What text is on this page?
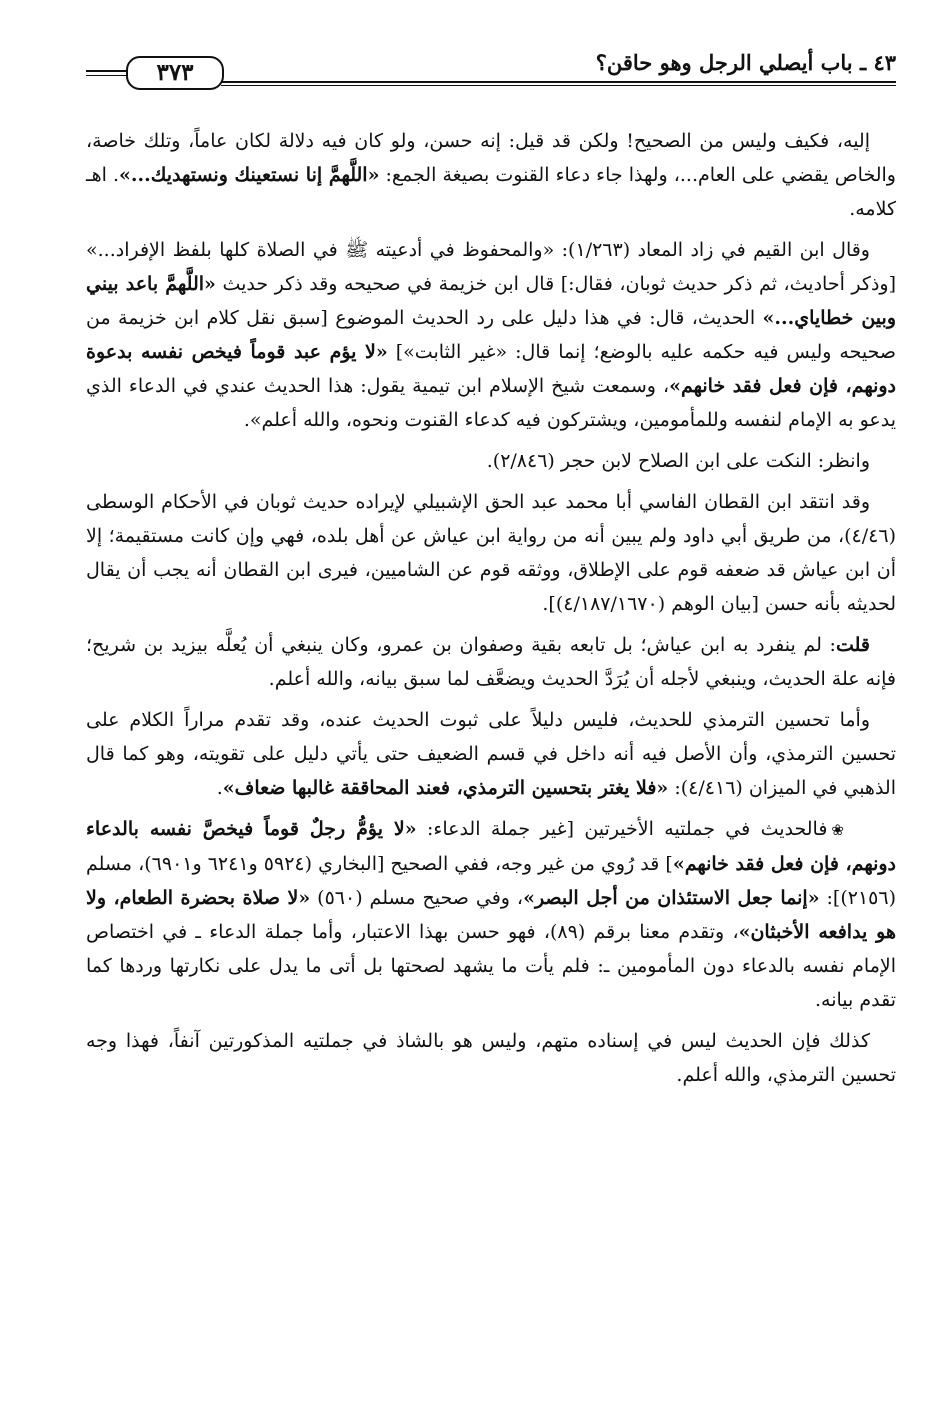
٤٣ ـ باب أيصلي الرجل وهو حاقن؟
٣٧٣

إليه، فكيف وليس من الصحيح! ولكن قد قيل: إنه حسن، ولو كان فيه دلالة لكان عاماً، وتلك خاصة، والخاص يقضي على العام...، ولهذا جاء دعاء القنوت بصيغة الجمع: «اللَّهمَّ إنا نستعينك ونستهديك...». اهـ كلامه.

وقال ابن القيم في زاد المعاد (١/٢٦٣): «والمحفوظ في أدعيته ﷺ في الصلاة كلها بلفظ الإفراد...» [وذكر أحاديث، ثم ذكر حديث ثوبان، فقال:] قال ابن خزيمة في صحيحه وقد ذكر حديث «اللَّهمَّ باعد بيني وبين خطاياي...» الحديث، قال: في هذا دليل على رد الحديث الموضوع [سبق نقل كلام ابن خزيمة من صحيحه وليس فيه حكمه عليه بالوضع؛ إنما قال: «غير الثابت»] «لا يؤم عبد قوماً فيخص نفسه بدعوة دونهم، فإن فعل فقد خانهم»، وسمعت شيخ الإسلام ابن تيمية يقول: هذا الحديث عندي في الدعاء الذي يدعو به الإمام لنفسه وللمأمومين، ويشتركون فيه كدعاء القنوت ونحوه، والله أعلم».

وانظر: النكت على ابن الصلاح لابن حجر (٢/٨٤٦).

وقد انتقد ابن القطان الفاسي أبا محمد عبد الحق الإشبيلي لإيراده حديث ثوبان في الأحكام الوسطى (٤/٤٦)، من طريق أبي داود ولم يبين أنه من رواية ابن عياش عن أهل بلده، فهي وإن كانت مستقيمة؛ إلا أن ابن عياش قد ضعفه قوم على الإطلاق، ووثقه قوم عن الشاميين، فيرى ابن القطان أنه يجب أن يقال لحديثه بأنه حسن [بيان الوهم (٤/١٨٧/١٦٧٠)].

قلت: لم ينفرد به ابن عياش؛ بل تابعه بقية وصفوان بن عمرو، وكان ينبغي أن يُعلَّه بيزيد بن شريح؛ فإنه علة الحديث، وينبغي لأجله أن يُرَدَّ الحديث ويضعَّف لما سبق بيانه، والله أعلم.

وأما تحسين الترمذي للحديث، فليس دليلاً على ثبوت الحديث عنده، وقد تقدم مراراً الكلام على تحسين الترمذي، وأن الأصل فيه أنه داخل في قسم الضعيف حتى يأتي دليل على تقويته، وهو كما قال الذهبي في الميزان (٤/٤١٦): «فلا يغتر بتحسين الترمذي، فعند المحاققة غالبها ضعاف».

❀فالحديث في جملتيه الأخيرتين [غير جملة الدعاء: «لا يؤمُّ رجلٌ قوماً فيخصَّ نفسه بالدعاء دونهم، فإن فعل فقد خانهم»] قد رُوي من غير وجه، ففي الصحيح [البخاري (٥٩٢٤ و٦٢٤١ و٦٩٠١)، مسلم (٢١٥٦)]: «إنما جعل الاستئذان من أجل البصر»، وفي صحيح مسلم (٥٦٠) «لا صلاة بحضرة الطعام، ولا هو يدافعه الأخبثان»، وتقدم معنا برقم (٨٩)، فهو حسن بهذا الاعتبار، وأما جملة الدعاء ـ في اختصاص الإمام نفسه بالدعاء دون المأمومين ـ: فلم يأت ما يشهد لصحتها بل أتى ما يدل على نكارتها وردها كما تقدم بيانه.

كذلك فإن الحديث ليس في إسناده متهم، وليس هو بالشاذ في جملتيه المذكورتين آنفاً، فهذا وجه تحسين الترمذي، والله أعلم.
